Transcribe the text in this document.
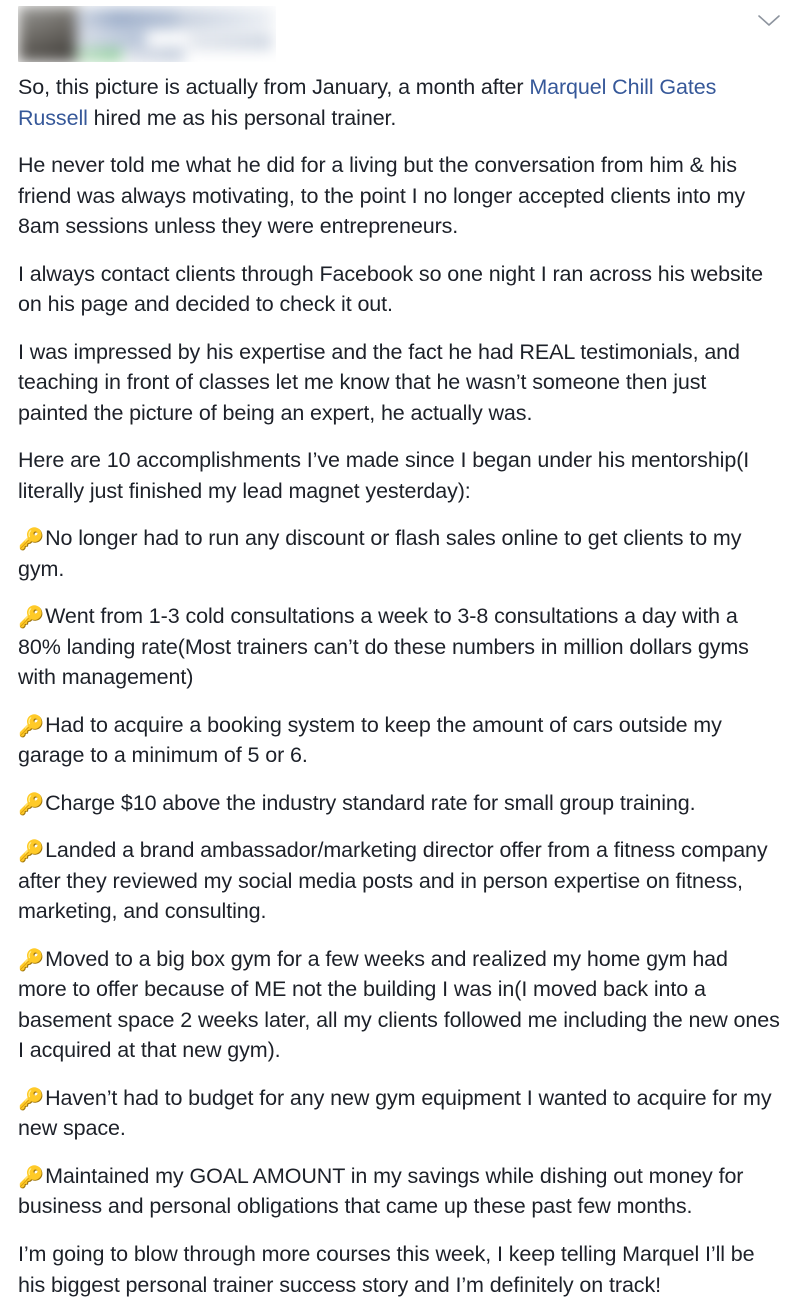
So, this picture is actually from January, a month after Marquel Chill Gates Russell hired me as his personal trainer.

He never told me what he did for a living but the conversation from him & his friend was always motivating, to the point I no longer accepted clients into my 8am sessions unless they were entrepreneurs.

I always contact clients through Facebook so one night I ran across his website on his page and decided to check it out.

I was impressed by his expertise and the fact he had REAL testimonials, and teaching in front of classes let me know that he wasn’t someone then just painted the picture of being an expert, he actually was.

Here are 10 accomplishments I’ve made since I began under his mentorship(I literally just finished my lead magnet yesterday):

🔑No longer had to run any discount or flash sales online to get clients to my gym.

🔑Went from 1-3 cold consultations a week to 3-8 consultations a day with a 80% landing rate(Most trainers can’t do these numbers in million dollars gyms with management)

🔑Had to acquire a booking system to keep the amount of cars outside my garage to a minimum of 5 or 6.

🔑Charge $10 above the industry standard rate for small group training.

🔑Landed a brand ambassador/marketing director offer from a fitness company after they reviewed my social media posts and in person expertise on fitness, marketing, and consulting.

🔑Moved to a big box gym for a few weeks and realized my home gym had more to offer because of ME not the building I was in(I moved back into a basement space 2 weeks later, all my clients followed me including the new ones I acquired at that new gym).

🔑Haven’t had to budget for any new gym equipment I wanted to acquire for my new space.

🔑Maintained my GOAL AMOUNT in my savings while dishing out money for business and personal obligations that came up these past few months.

I’m going to blow through more courses this week, I keep telling Marquel I’ll be his biggest personal trainer success story and I’m definitely on track!
